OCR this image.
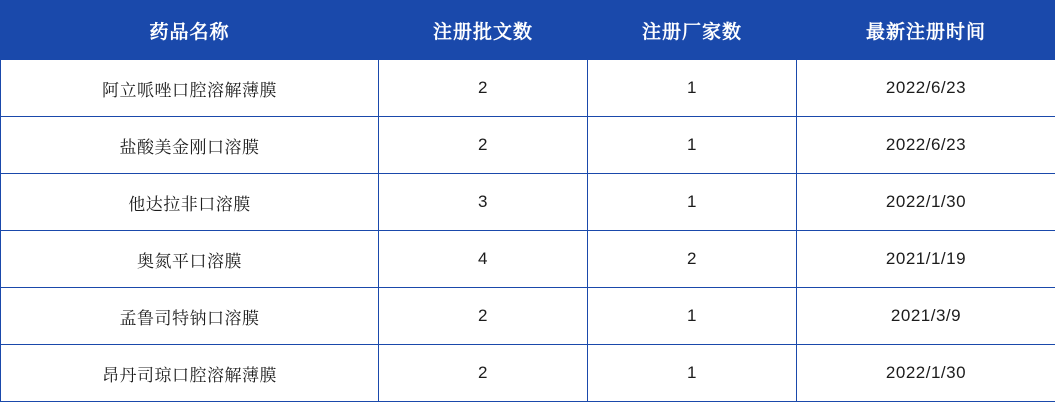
药品名称	注册批文数	注册厂家数	最新注册时间
阿立哌唑口腔溶解薄膜	2	1	2022/6/23
盐酸美金刚口溶膜	2	1	2022/6/23
他达拉非口溶膜	3	1	2022/1/30
奥氮平口溶膜	4	2	2021/1/19
孟鲁司特钠口溶膜	2	1	2021/3/9
昂丹司琼口腔溶解薄膜	2	1	2022/1/30
